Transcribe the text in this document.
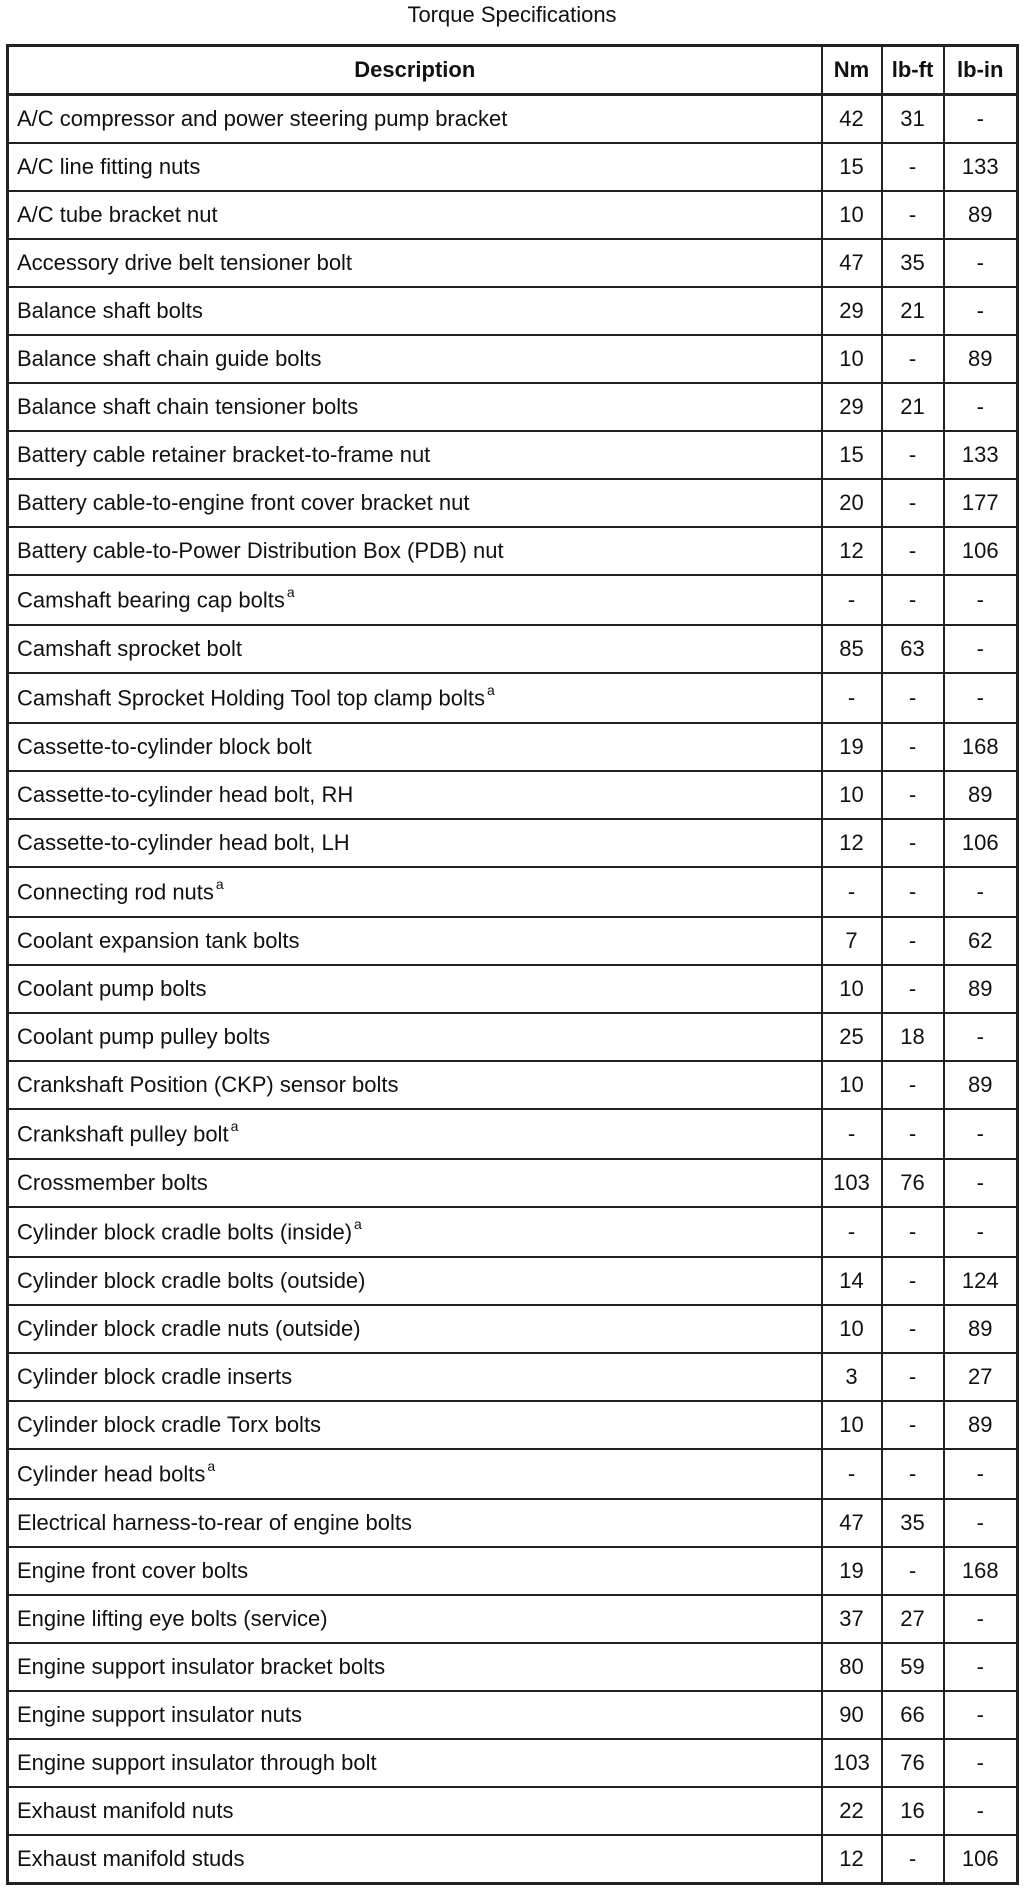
Torque Specifications
Description	Nm	lb-ft	lb-in
A/C compressor and power steering pump bracket	42	31	-
A/C line fitting nuts	15	-	133
A/C tube bracket nut	10	-	89
Accessory drive belt tensioner bolt	47	35	-
Balance shaft bolts	29	21	-
Balance shaft chain guide bolts	10	-	89
Balance shaft chain tensioner bolts	29	21	-
Battery cable retainer bracket-to-frame nut	15	-	133
Battery cable-to-engine front cover bracket nut	20	-	177
Battery cable-to-Power Distribution Box (PDB) nut	12	-	106
Camshaft bearing cap bolts $^a$	-	-	-
Camshaft sprocket bolt	85	63	-
Camshaft Sprocket Holding Tool top clamp bolts $^a$	-	-	-
Cassette-to-cylinder block bolt	19	-	168
Cassette-to-cylinder head bolt, RH	10	-	89
Cassette-to-cylinder head bolt, LH	12	-	106
Connecting rod nuts $^a$	-	-	-
Coolant expansion tank bolts	7	-	62
Coolant pump bolts	10	-	89
Coolant pump pulley bolts	25	18	-
Crankshaft Position (CKP) sensor bolts	10	-	89
Crankshaft pulley bolt $^a$	-	-	-
Crossmember bolts	103	76	-
Cylinder block cradle bolts (inside) $^a$	-	-	-
Cylinder block cradle bolts (outside)	14	-	124
Cylinder block cradle nuts (outside)	10	-	89
Cylinder block cradle inserts	3	-	27
Cylinder block cradle Torx bolts	10	-	89
Cylinder head bolts $^a$	-	-	-
Electrical harness-to-rear of engine bolts	47	35	-
Engine front cover bolts	19	-	168
Engine lifting eye bolts (service)	37	27	-
Engine support insulator bracket bolts	80	59	-
Engine support insulator nuts	90	66	-
Engine support insulator through bolt	103	76	-
Exhaust manifold nuts	22	16	-
Exhaust manifold studs	12	-	106
